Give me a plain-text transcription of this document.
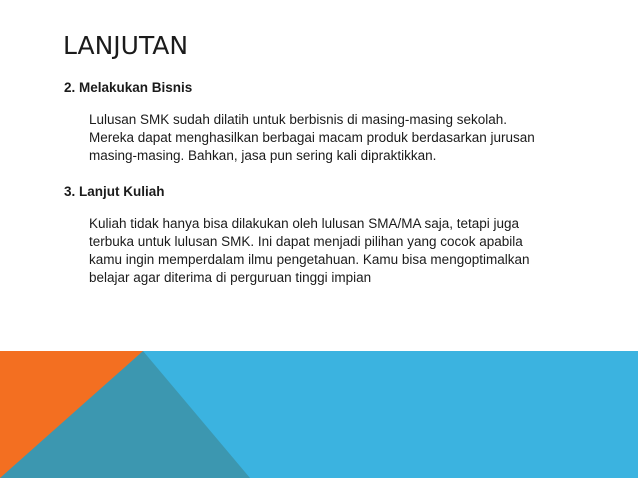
LANJUTAN

2. Melakukan Bisnis

Lulusan SMK sudah dilatih untuk berbisnis di masing-masing sekolah.
Mereka dapat menghasilkan berbagai macam produk berdasarkan jurusan
masing-masing. Bahkan, jasa pun sering kali dipraktikkan.

3. Lanjut Kuliah

Kuliah tidak hanya bisa dilakukan oleh lulusan SMA/MA saja, tetapi juga
terbuka untuk lulusan SMK. Ini dapat menjadi pilihan yang cocok apabila
kamu ingin memperdalam ilmu pengetahuan. Kamu bisa mengoptimalkan
belajar agar diterima di perguruan tinggi impian
